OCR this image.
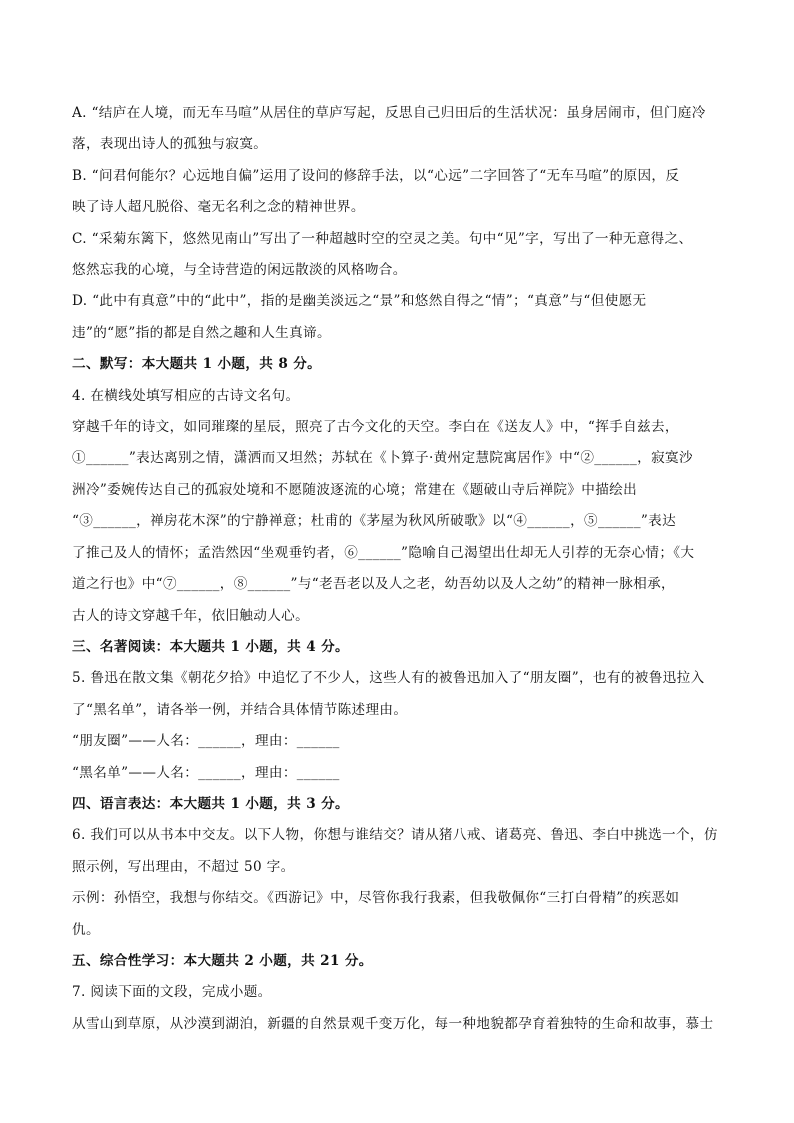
A. “结庐在人境，而无车马喧”从居住的草庐写起，反思自己归田后的生活状况：虽身居闹市，但门庭冷
落，表现出诗人的孤独与寂寞。
B. “问君何能尔？心远地自偏”运用了设问的修辞手法，以“心远”二字回答了“无车马喧”的原因，反
映了诗人超凡脱俗、毫无名利之念的精神世界。
C. “采菊东篱下，悠然见南山”写出了一种超越时空的空灵之美。句中“见”字，写出了一种无意得之、
悠然忘我的心境，与全诗营造的闲远散淡的风格吻合。
D. “此中有真意”中的“此中”，指的是幽美淡远之“景”和悠然自得之“情”；“真意”与“但使愿无
违”的“愿”指的都是自然之趣和人生真谛。
二、默写：本大题共 1 小题，共 8 分。
4. 在横线处填写相应的古诗文名句。
穿越千年的诗文，如同璀璨的星辰，照亮了古今文化的天空。李白在《送友人》中，“挥手自兹去，
①______”表达离别之情，潇洒而又坦然；苏轼在《卜算子·黄州定慧院寓居作》中“②______，寂寞沙
洲冷”委婉传达自己的孤寂处境和不愿随波逐流的心境；常建在《题破山寺后禅院》中描绘出
“③______，禅房花木深”的宁静禅意；杜甫的《茅屋为秋风所破歌》以“④______，⑤______”表达
了推己及人的情怀；孟浩然因“坐观垂钓者，⑥______”隐喻自己渴望出仕却无人引荐的无奈心情；《大
道之行也》中“⑦______，⑧______”与“老吾老以及人之老，幼吾幼以及人之幼”的精神一脉相承，
古人的诗文穿越千年，依旧触动人心。
三、名著阅读：本大题共 1 小题，共 4 分。
5. 鲁迅在散文集《朝花夕拾》中追忆了不少人，这些人有的被鲁迅加入了“朋友圈”，也有的被鲁迅拉入
了“黑名单”，请各举一例，并结合具体情节陈述理由。
“朋友圈”——人名：______，理由：______
“黑名单”——人名：______，理由：______
四、语言表达：本大题共 1 小题，共 3 分。
6. 我们可以从书本中交友。以下人物，你想与谁结交？请从猪八戒、诸葛亮、鲁迅、李白中挑选一个，仿
照示例，写出理由，不超过 50 字。
示例：孙悟空，我想与你结交。《西游记》中，尽管你我行我素，但我敬佩你“三打白骨精”的疾恶如
仇。
五、综合性学习：本大题共 2 小题，共 21 分。
7. 阅读下面的文段，完成小题。
从雪山到草原，从沙漠到湖泊，新疆的自然景观千变万化，每一种地貌都孕育着独特的生命和故事，慕士
